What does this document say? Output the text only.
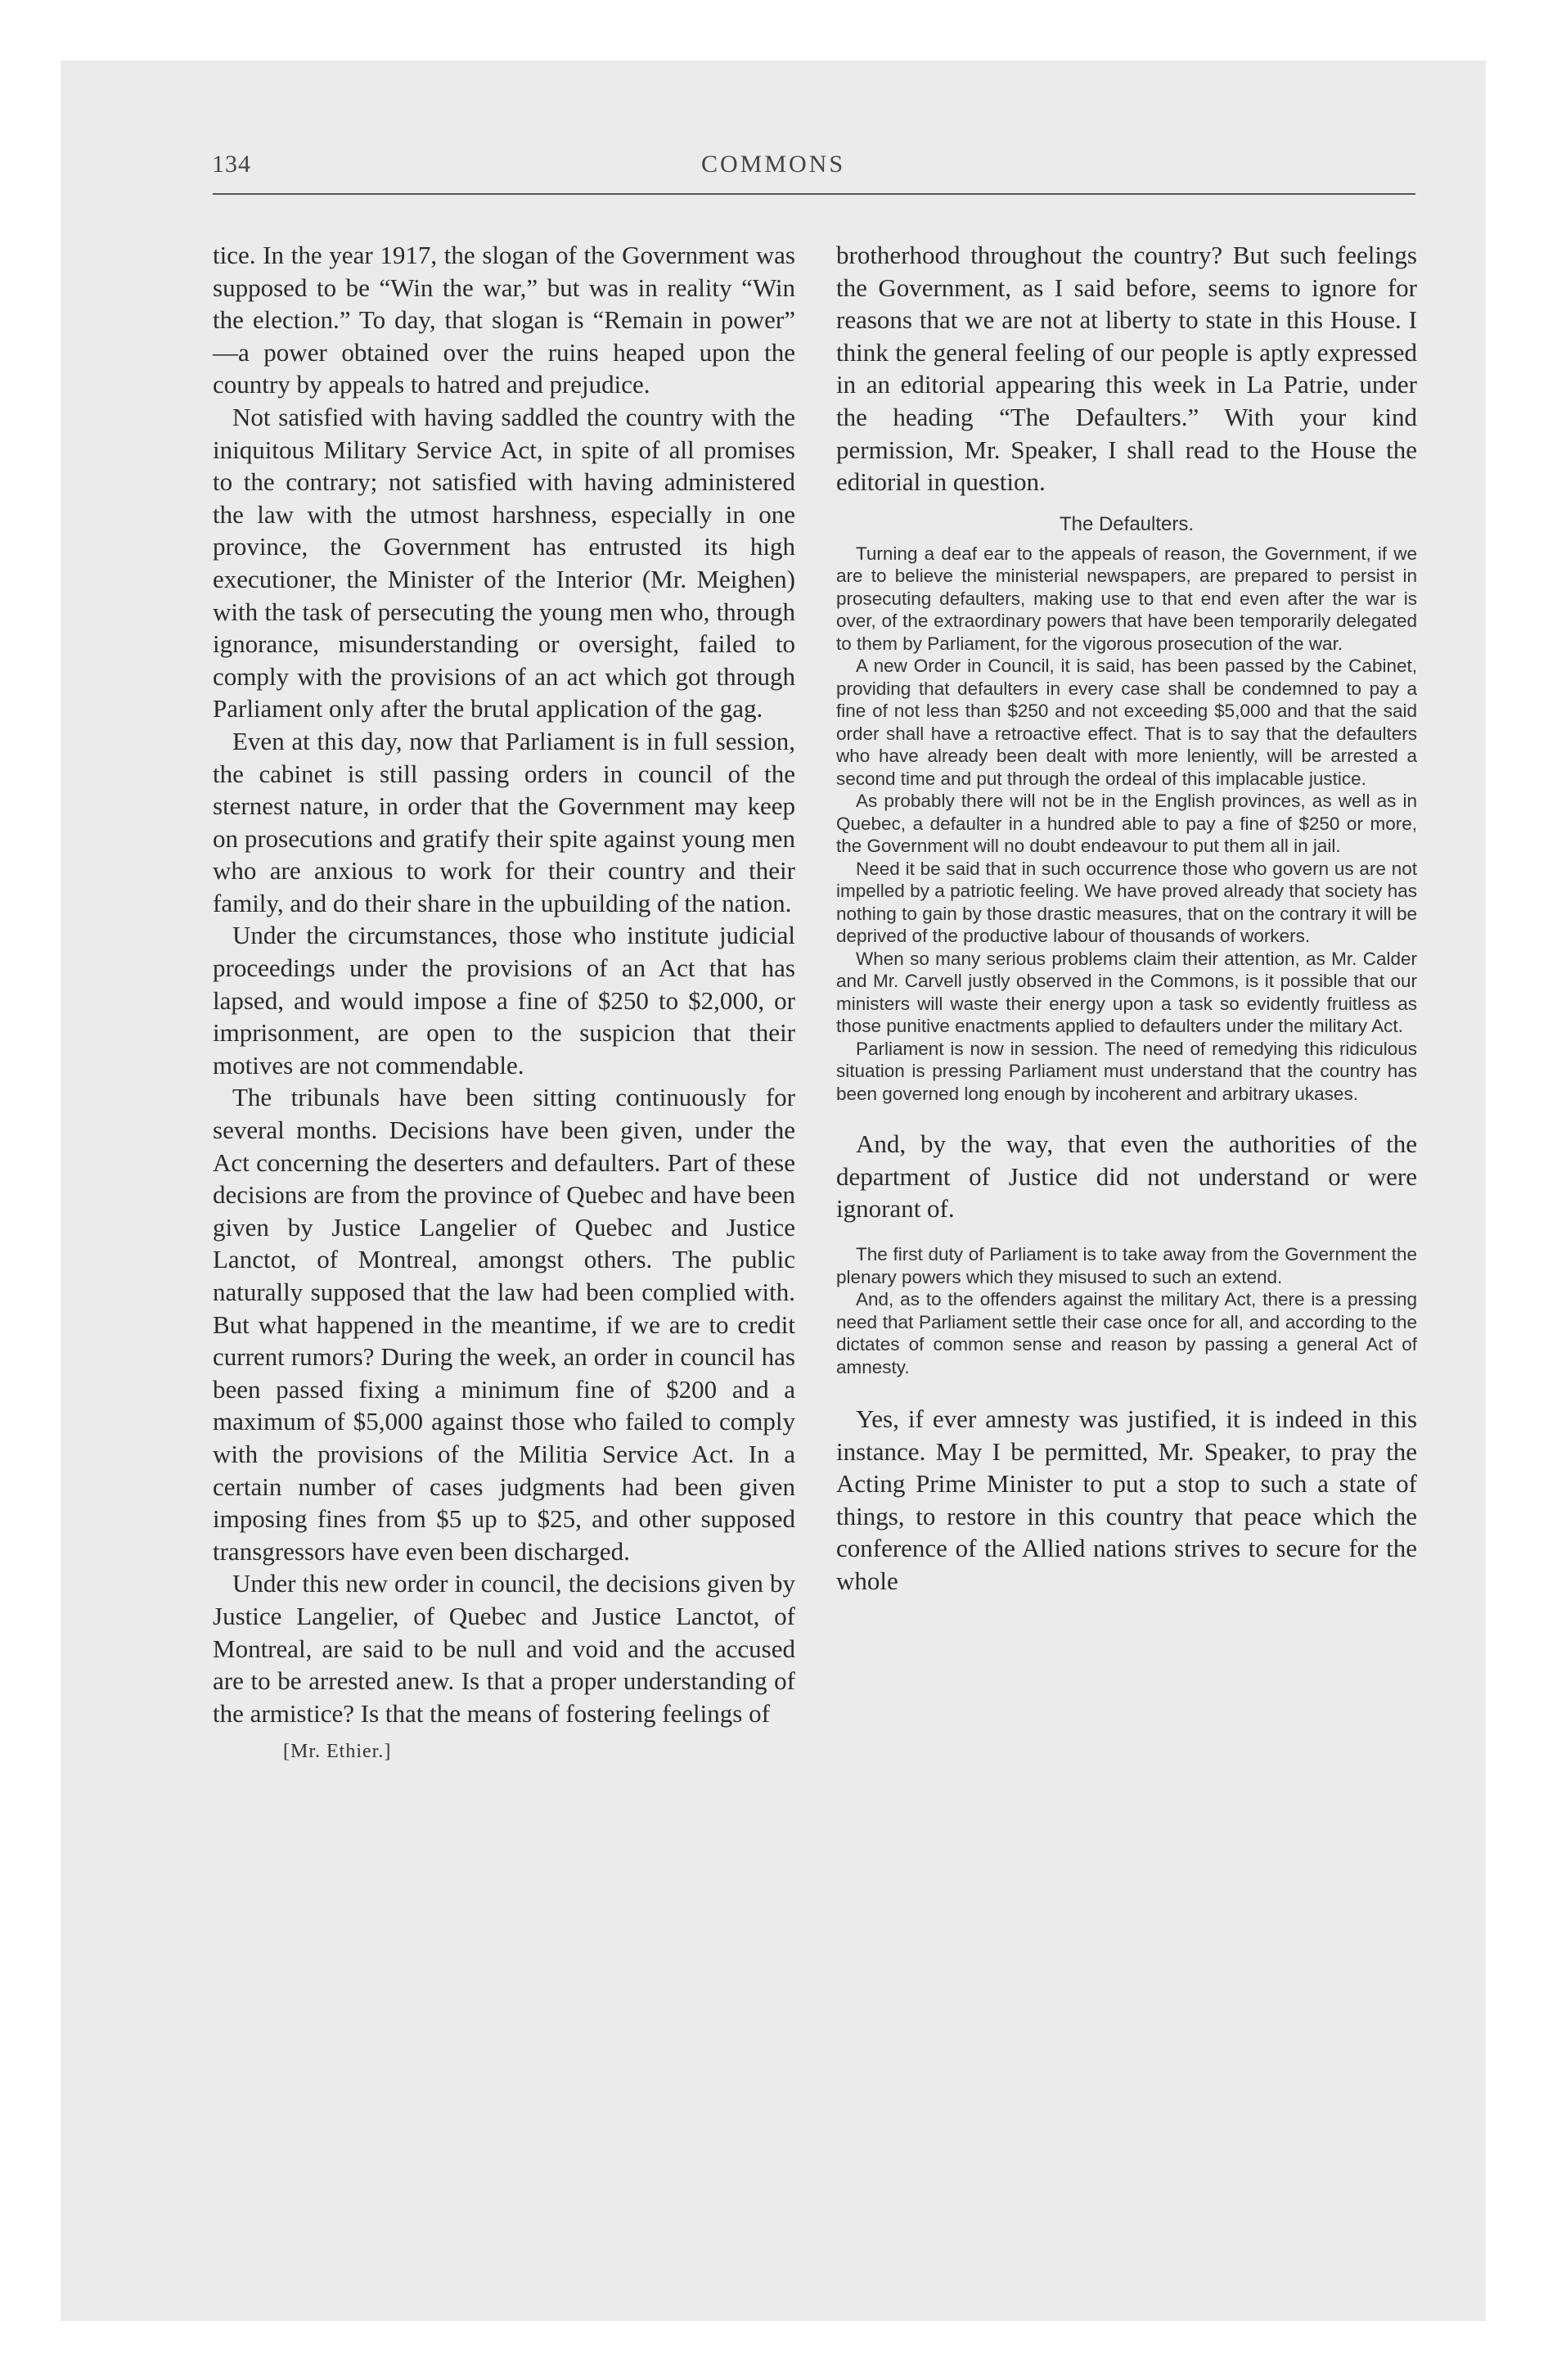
134	COMMONS

tice. In the year 1917, the slogan of the Government was supposed to be “Win the war,” but was in reality “Win the election.” To day, that slogan is “Remain in power” —a power obtained over the ruins heaped upon the country by appeals to hatred and prejudice.

Not satisfied with having saddled the country with the iniquitous Military Service Act, in spite of all promises to the contrary; not satisfied with having administered the law with the utmost harshness, especially in one province, the Government has entrusted its high executioner, the Minister of the Interior (Mr. Meighen) with the task of persecuting the young men who, through ignorance, misunderstanding or oversight, failed to comply with the provisions of an act which got through Parliament only after the brutal application of the gag.

Even at this day, now that Parliament is in full session, the cabinet is still passing orders in council of the sternest nature, in order that the Government may keep on prosecutions and gratify their spite against young men who are anxious to work for their country and their family, and do their share in the upbuilding of the nation.

Under the circumstances, those who institute judicial proceedings under the provisions of an Act that has lapsed, and would impose a fine of $250 to $2,000, or imprisonment, are open to the suspicion that their motives are not commendable.

The tribunals have been sitting continuously for several months. Decisions have been given, under the Act concerning the deserters and defaulters. Part of these decisions are from the province of Quebec and have been given by Justice Langelier of Quebec and Justice Lanctot, of Montreal, amongst others. The public naturally supposed that the law had been complied with. But what happened in the meantime, if we are to credit current rumors? During the week, an order in council has been passed fixing a minimum fine of $200 and a maximum of $5,000 against those who failed to comply with the provisions of the Militia Service Act. In a certain number of cases judgments had been given imposing fines from $5 up to $25, and other supposed transgressors have even been discharged.

Under this new order in council, the decisions given by Justice Langelier, of Quebec and Justice Lanctot, of Montreal, are said to be null and void and the accused are to be arrested anew. Is that a proper understanding of the armistice? Is that the means of fostering feelings of

[Mr. Ethier.]

brotherhood throughout the country? But such feelings the Government, as I said before, seems to ignore for reasons that we are not at liberty to state in this House. I think the general feeling of our people is aptly expressed in an editorial appearing this week in La Patrie, under the heading “The Defaulters.” With your kind permission, Mr. Speaker, I shall read to the House the editorial in question.

The Defaulters.

Turning a deaf ear to the appeals of reason, the Government, if we are to believe the ministerial newspapers, are prepared to persist in prosecuting defaulters, making use to that end even after the war is over, of the extraordinary powers that have been temporarily delegated to them by Parliament, for the vigorous prosecution of the war.

A new Order in Council, it is said, has been passed by the Cabinet, providing that defaulters in every case shall be condemned to pay a fine of not less than $250 and not exceeding $5,000 and that the said order shall have a retroactive effect. That is to say that the defaulters who have already been dealt with more leniently, will be arrested a second time and put through the ordeal of this implacable justice.

As probably there will not be in the English provinces, as well as in Quebec, a defaulter in a hundred able to pay a fine of $250 or more, the Government will no doubt endeavour to put them all in jail.

Need it be said that in such occurrence those who govern us are not impelled by a patriotic feeling. We have proved already that society has nothing to gain by those drastic measures, that on the contrary it will be deprived of the productive labour of thousands of workers.

When so many serious problems claim their attention, as Mr. Calder and Mr. Carvell justly observed in the Commons, is it possible that our ministers will waste their energy upon a task so evidently fruitless as those punitive enactments applied to defaulters under the military Act.

Parliament is now in session. The need of remedying this ridiculous situation is pressing Parliament must understand that the country has been governed long enough by incoherent and arbitrary ukases.

And, by the way, that even the authorities of the department of Justice did not understand or were ignorant of.

The first duty of Parliament is to take away from the Government the plenary powers which they misused to such an extend.

And, as to the offenders against the military Act, there is a pressing need that Parliament settle their case once for all, and according to the dictates of common sense and reason by passing a general Act of amnesty.

Yes, if ever amnesty was justified, it is indeed in this instance. May I be permitted, Mr. Speaker, to pray the Acting Prime Minister to put a stop to such a state of things, to restore in this country that peace which the conference of the Allied nations strives to secure for the whole
